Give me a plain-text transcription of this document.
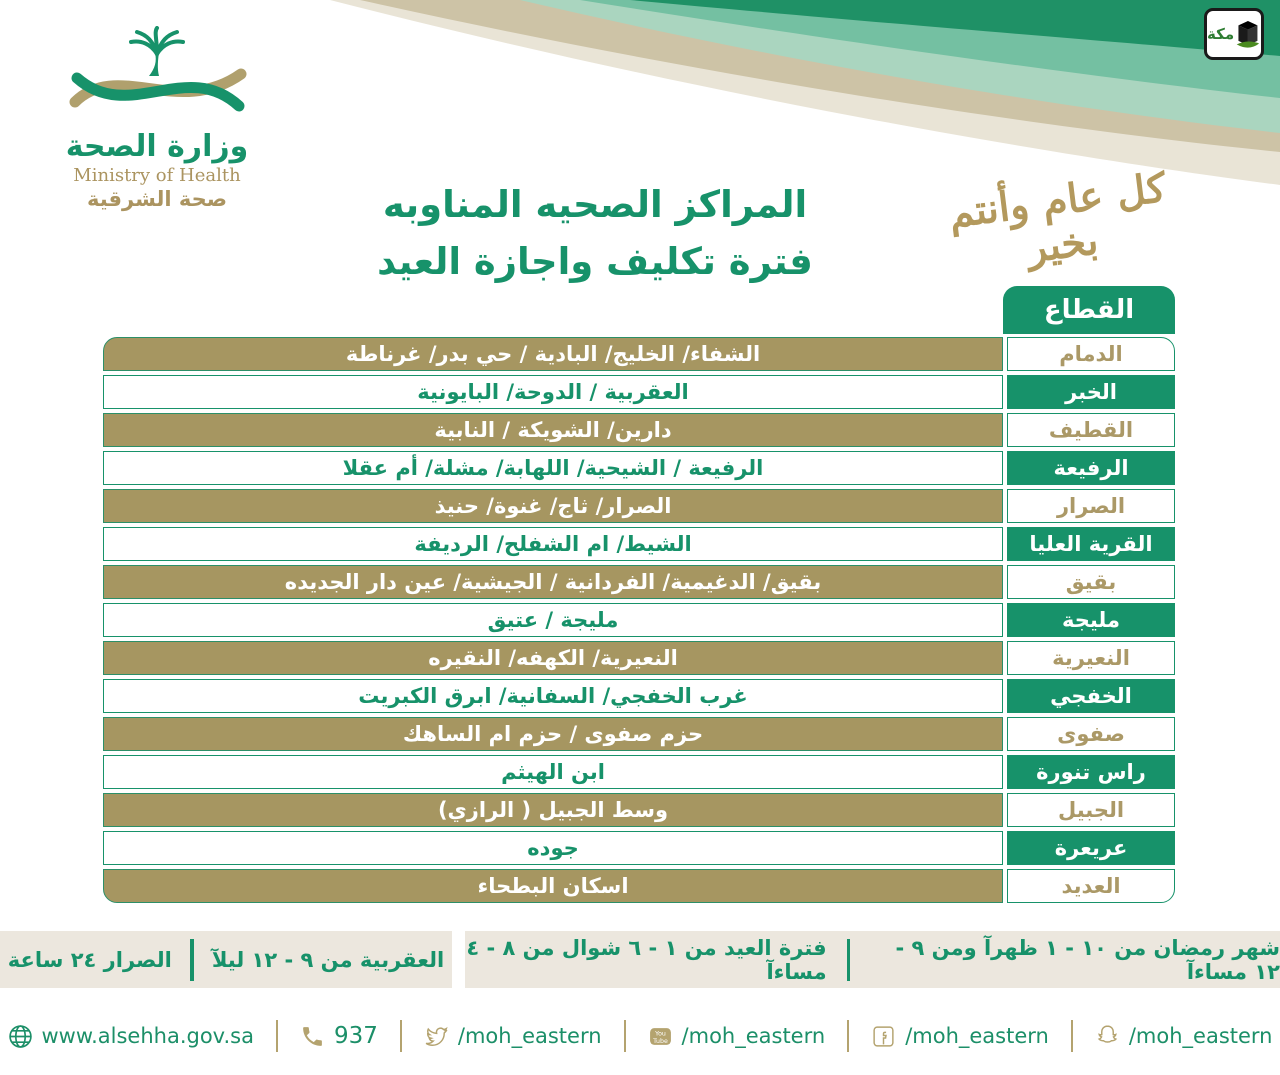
مكة
وزارة الصحة
Ministry of Health
صحة الشرقية	المراكز الصحيه المناوبه
فترة تكليف واجازة العيد
كل عام وأنتم بخير
القطاع
الدمام
الشفاء/ الخليج/ البادية / حي بدر/ غرناطة
الخبر
العقربية / الدوحة/ البايونية
القطيف
دارين/ الشويكة / النابية
الرفيعة
الرفيعة / الشيحية/ اللهابة/ مشلة/ أم عقلا
الصرار
الصرار/ ثاج/ غنوة/ حنيذ
القرية العليا
الشيط/ ام الشفلح/ الرديفة
بقيق
بقيق/ الدغيمية/ الفردانية / الجيشية/ عين دار الجديده
مليجة
مليجة / عتيق
النعيرية
النعيرية/ الكهفه/ النقيره
الخفجي
غرب الخفجي/ السفانية/ ابرق الكبريت
صفوى
حزم صفوى / حزم ام الساهك
راس تنورة
ابن الهيثم
الجبيل
وسط الجبيل ( الرازي)
عريعرة
جوده
العديد
اسكان البطحاء
العقربية من ٩ - ١٢ ليلآ
الصرار ٢٤ ساعة	شهر رمضان من ١٠ - ١ ظهرآ ومن ٩ - ١٢ مساءآ
فترة العيد من ١ - ٦ شوال من ٨ - ٤ مساءآ
www.alsehha.gov.sa	937	/moh_eastern	You
Tube /moh_eastern	/moh_eastern	/moh_eastern
